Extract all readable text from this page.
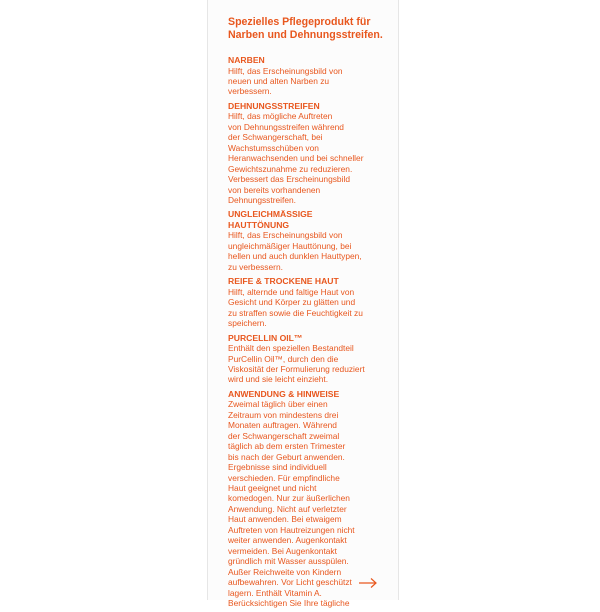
Spezielles Pflegeprodukt für Narben und Dehnungsstreifen.
NARBEN
Hilft, das Erscheinungsbild von
neuen und alten Narben zu
verbessern.
DEHNUNGSSTREIFEN
Hilft, das mögliche Auftreten
von Dehnungsstreifen während
der Schwangerschaft, bei
Wachstumsschüben von
Heranwachsenden und bei schneller
Gewichtszunahme zu reduzieren.
Verbessert das Erscheinungsbild
von bereits vorhandenen
Dehnungsstreifen.
UNGLEICHMÄSSIGE
HAUTTÖNUNG
Hilft, das Erscheinungsbild von
ungleichmäßiger Hauttönung, bei
hellen und auch dunklen Hauttypen,
zu verbessern.
REIFE & TROCKENE HAUT
Hilft, alternde und faltige Haut von
Gesicht und Körper zu glätten und
zu straffen sowie die Feuchtigkeit zu
speichern.
PURCELLIN OIL™
Enthält den speziellen Bestandteil
PurCellin Oil™, durch den die
Viskosität der Formulierung reduziert
wird und sie leicht einzieht.
ANWENDUNG & HINWEISE
Zweimal täglich über einen
Zeitraum von mindestens drei
Monaten auftragen. Während
der Schwangerschaft zweimal
täglich ab dem ersten Trimester
bis nach der Geburt anwenden.
Ergebnisse sind individuell
verschieden. Für empfindliche
Haut geeignet und nicht
komedogen. Nur zur äußerlichen
Anwendung. Nicht auf verletzter
Haut anwenden. Bei etwaigem
Auftreten von Hautreizungen nicht
weiter anwenden. Augenkontakt
vermeiden. Bei Augenkontakt
gründlich mit Wasser ausspülen.
Außer Reichweite von Kindern
aufbewahren. Vor Licht geschützt
lagern. Enthält Vitamin A.
Berücksichtigen Sie Ihre tägliche
